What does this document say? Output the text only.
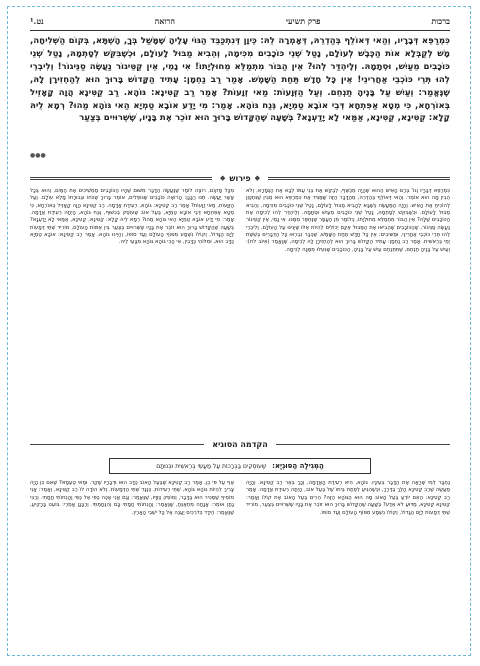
ברכות
פרק תשיעי
הרואה
נט.¹
כִּמְרַפֵּא דְּבָרָיו, וְהַאי דְּאוֹלֵף בְּהַדְרֵהּ, דְּאָמְרָה לֵהּ: כֵּיוָן דְּנִתְכַּבֵּד הַגּוֹי עָלֶיהָ שֶׁמָּשַׁל בְּךָ, הָשְׁתָּא, בְּקוֹם הַשְּׁלִיחָה, מָשׁ לְקַבְּלָא אוֹת הַכֶּבֶשׁ לְעוֹלָם, נָטַל שְׁנֵי כּוֹכָבִים מִכִּימָה, וְהֵבִיא מַבּוּל לָעוֹלָם, וּכְשֶׁבִּקֵּשׁ לְסָתְמָהּ, נָטַל שְׁנֵי כּוֹכָבִים מֵעַיִשׁ, וּסְתָמָהּ. וְלֶיהְדַּר לְהוּ? אֵין הַבּוֹר מִתְמַלֵּא מֵחוּלְיָתוֹ! אִי נָמֵי, אֵין קַטֵּיגוֹר נַעֲשֶׂה סַנֵּיגוֹר! וְלִיבְרֵי לְהוּ תְּרֵי כּוֹכְבֵי אַחֲרִינֵי! אֵין כָּל חָדָשׁ תַּחַת הַשָּׁמֶשׁ. אָמַר רַב נַחְמָן: עָתִיד הַקָּדוֹשׁ בָּרוּךְ הוּא לְהַחְזִירָן לָהּ, שֶׁנֶּאֱמַר: וְעַיִשׁ עַל בָּנֶיהָ תַנְחֵם. וְעַל הַזְּוָעוֹת: מַאי זְוָעוֹת? אָמַר רַב קַטִּינָא: גּוֹהָא. רַב קַטִּינָא הֲוָה קָאָזֵיל בְּאוֹרְחָא, כִּי מְטָא אַפִּתְחָא דְּבֵי אוֹבָא טַמְיָא, גְּנַח גּוֹהָא. אָמַר: מִי יָדַע אוֹבָא טַמְיָא הַאי גּוֹהָא מַהוּ? רְמָא לֵיהּ קָלָא: קַטִּינָא, קַטִּינָא, אַמַּאי לָא יָדַעְנָא? בְּשָׁעָה שֶׁהַקָּדוֹשׁ בָּרוּךְ הוּא זוֹכֵר אֶת בָּנָיו, שֶׁשְּׁרוּיִים בְּצַעַר
●●●
◆
פירוש
◆

כִּמְרַפֵּא דְּבָרָיו וְגוֹ' בְּרַם הָאִישׁ הַהוּא שֶׁהָיָה מְכַשֵּׁף, לְבַקֵּשׁ אֶת בְּנֵי עַמּוֹ לְבָא אֶת הַגְּמָרָא, וְלֹא הֵבִין מָה הוּא אוֹמֵר. וְהַאי דְּאוֹלֵף בְּהַדְרֵהּ, מֵהַדָּבָר הַזֶּה שֶׁמַּגִּיד אֶת כִּמְרַפֵּא הוּא מֵבִין שֶׁנִּתְכַּוֵּן לְהוֹכִיחַ אֶת הָאִישׁ. וְהָיָה הַמַּעֲשֶׂה כְּשֶׁבָּא לְהָבִיא מַבּוּל לָעוֹלָם, נָטַל שְׁנֵי כּוֹכָבִים מִכִּימָה, וְהֵבִיא מַבּוּל לָעוֹלָם. וּכְשֶׁבִּקֵּשׁ לְסָתְמָהּ, נָטַל שְׁנֵי כּוֹכָבִים מֵעַיִשׁ וּסְתָמָהּ. וְלֶיהְדַּר לְהוּ לְכִימָה אֶת הַכּוֹכָבִים שֶׁלָּהּ? אֵין הַבּוֹר מִתְמַלֵּא מֵחוּלְיָתוֹ, כְּלוֹמַר מִן הֶעָפָר שֶׁנֶּחְפַּר מִמֶּנּוּ. אִי נָמֵי, אֵין קַטֵּיגוֹר נַעֲשֶׂה סַנֵּיגוֹר, שֶׁהַכּוֹכָבִים שֶׁהֵבִיאוּ אֶת הַמַּבּוּל אֵינָם יְכוֹלִים לְהִיוֹת אֵלּוּ שֶׁיְּגִינּוּ עַל הָעוֹלָם. וְלִיבְרֵי לְהוּ תְּרֵי כּוֹכְבֵי אַחֲרִינֵי, וּמַשִּׁיבִים: אֵין כָּל חָדָשׁ תַּחַת הַשָּׁמֶשׁ, שֶׁכְּבָר נִבְרְאוּ כָּל הַדְּבָרִים בְּשֵׁשֶׁת יְמֵי בְּרֵאשִׁית. אָמַר רַב נַחְמָן: עָתִיד הַקָּדוֹשׁ בָּרוּךְ הוּא לְהַחְזִירָן לָהּ לְכִימָה, שֶׁנֶּאֱמַר (אִיּוֹב לח): וְעַיִשׁ עַל בָּנֶיהָ תַנְחֵם, שֶׁתִּתְנַחֵם עַיִשׁ עַל בָּנֶיהָ, הַכּוֹכָבִים שֶׁנִּטְּלוּ מִמֶּנָּה לְכִימָה.

מִכָּל מָקוֹם, רוֹצֶה לוֹמַר שֶׁנַּעֲשָׂה הַדָּבָר מִשּׁוּם שֶׁהָיוּ הַכּוֹכָבִים מַמְשִׁיכִים אֶת הַמַּיִם, וְהוּא בְּכָל אֲשֶׁר יַעֲשֶׂה. תְּנוּ רַבָּנָן: הָרוֹאֶה כּוֹכָבִים שֶׁנּוֹפְלִים, אוֹמֵר בָּרוּךְ שֶׁכֹּחוֹ וּגְבוּרָתוֹ מָלֵא עוֹלָם. וְעַל הַזְּוָעוֹת, מַאי זְוָעוֹת? אָמַר רַב קַטִּינָא: גּוֹהָא, רְעִידַת אֲדָמָה. רַב קַטִּינָא הֲוָה קָאָזֵיל בְּאוֹרְחָא, כִּי מְטָא אַפִּתְחָא דְּבֵי אוֹבָא טַמְיָא, בַּעַל אוֹב שֶׁעוֹסֵק בְּכִשּׁוּף, גְּנַח גּוֹהָא, הָיְתָה רְעִידַת אֲדָמָה. אָמַר: מִי יָדַע אוֹבָא טַמְיָא הַאי גּוֹהָא מַהוּ? רְמָא לֵיהּ קָלָא: קַטִּינָא, קַטִּינָא, אַמַּאי לָא יָדַעְנָא? בְּשָׁעָה שֶׁהַקָּדוֹשׁ בָּרוּךְ הוּא זוֹכֵר אֶת בָּנָיו שֶׁשְּׁרוּיִים בְּצַעַר בֵּין אֻמּוֹת הָעוֹלָם, מוֹרִיד שְׁתֵּי דְּמָעוֹת לַיָּם הַגָּדוֹל, וְקוֹלוֹ נִשְׁמָע מִסּוֹף הָעוֹלָם וְעַד סוֹפוֹ, וְהַיְינוּ גּוֹהָא. אָמַר רַב קַטִּינָא: אוֹבָא טַמְיָא כַּדָּב הוּא, וּמִלּוֹהִי כַּדָּבִין, אִי הָכִי גּוֹהָא גּוֹהָא מִבָּעֵי לֵיהּ.

הקדמה הסוגיא
הַמְּגִילָה הַסּוּגְיָא:
שֶׁעוֹסְקִים בַּבְּרָכוֹת עַל מַעֲשֵׂי בְּרֵאשִׁית וּבְּנוּתָם

נֶחְבָּר לְמִי שֶׁרָאָה אֶת הַדָּבָר בְּעֵינָיו. גּוֹהָא, הִיא רְעִידַת הָאֲדָמָה, וְכָךְ בֵּאֵר רַב קַטִּינָא. וְהָיָה מַעֲשֶׂה שֶׁרַב קַטִּינָא הָלַךְ בַּדֶּרֶךְ, וּכְשֶׁהִגִּיעַ לְפֶתַח בֵּיתוֹ שֶׁל בַּעַל אוֹב, הָיְתָה רְעִידַת אֲדָמָה. אָמַר רַב קַטִּינָא: הַאִם יוֹדֵעַ בַּעַל הָאוֹב מָה הוּא הַגּוֹהָא הַזֶּה? הֵרִים בַּעַל הָאוֹב אֶת קוֹלוֹ וְאָמַר: קַטִּינָא קַטִּינָא, מַדּוּעַ לֹא אֵדַע? בְּשָׁעָה שֶׁהַקָּדוֹשׁ בָּרוּךְ הוּא זוֹכֵר אֶת בָּנָיו שֶׁשְּׁרוּיִים בְּצַעַר, מוֹרִיד שְׁתֵּי דְּמָעוֹת לַיָּם הַגָּדוֹל, וְקוֹלוֹ נִשְׁמָע מִסּוֹף הָעוֹלָם וְעַד סוֹפוֹ.

אַף עַל פִּי כֵן, אָמַר רַב קַטִּינָא שֶׁבַּעַל הָאוֹב כַּדָּב הוּא וּדְבָרָיו שֶׁקֶר. וּמַאי טַעְמָא? שֶׁאִם כֵּן הָיָה צָרִיךְ לִהְיוֹת גּוֹהָא גּוֹהָא, שְׁתֵּי רְעִידוֹת, כְּנֶגֶד שְׁתֵּי הַדְּמָעוֹת. וְלֹא הוֹדָה לוֹ רַב קַטִּינָא, וְאָמַר: אֲנִי מוֹסִיף שֶׁמַּכִּיר הוּא בַּדָּבָר, וְסוֹפֵק כַּפָּיו, שֶׁנֶּאֱמַר: וְגַם אֲנִי אַכֶּה כַּפִּי אֶל כַּפִּי וַהֲנִחוֹתִי חֲמָתִי. וְרַבִּי נָתָן אוֹמֵר: אֲנָחָה מִתְאַנֵּחַ, שֶׁנֶּאֱמַר: וַהֲנִחוֹתִי חֲמָתִי בָּם וְהִנֶּחָמְתִּי. וְרַבָּנָן אָמְרֵי: בּוֹעֵט בָּרָקִיעַ, שֶׁנֶּאֱמַר: הֵידָד כְּדֹרְכִים יַעֲנֶה אֶל כָּל יֹשְׁבֵי הָאָרֶץ.
